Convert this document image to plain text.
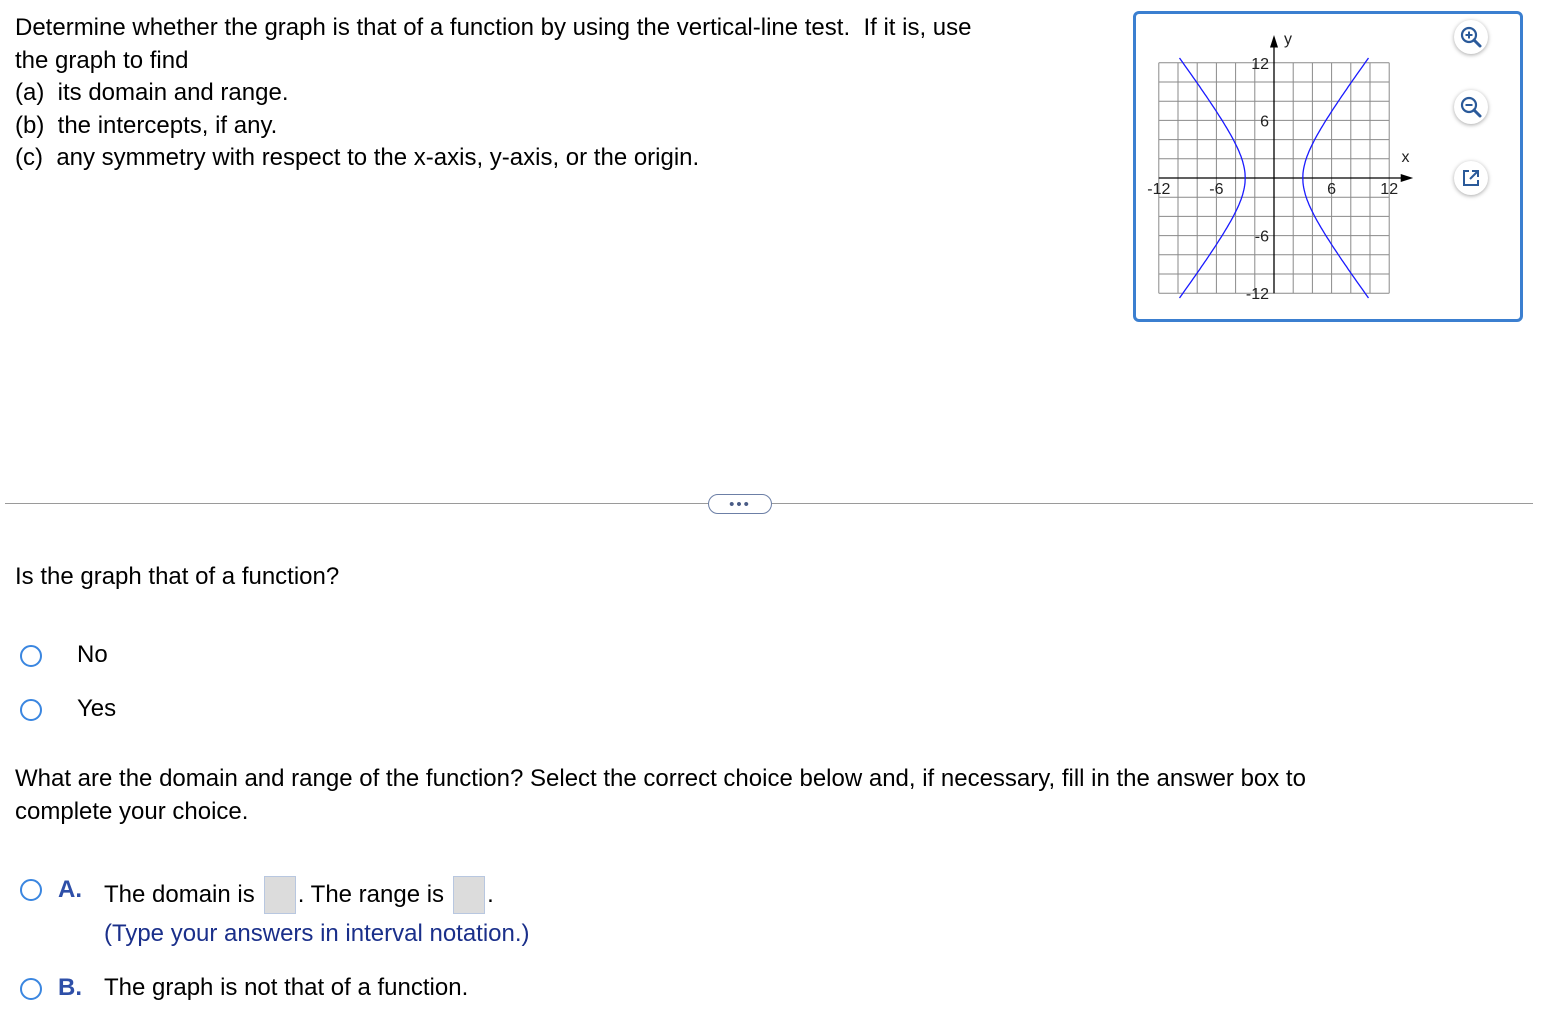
Determine whether the graph is that of a function by using the vertical-line test.  If it is, use
the graph to find
(a)  its domain and range.
(b)  the intercepts, if any.
(c)  any symmetry with respect to the x-axis, y-axis, or the origin.
-12 -6	6	12
12
6
-6
-12
x
y
•••
Is the graph that of a function?
No
Yes
What are the domain and range of the function? Select the correct choice below and, if necessary, fill in the answer box to
complete your choice.
A. The domain is . The range is .
(Type your answers in interval notation.)
B. The graph is not that of a function.
